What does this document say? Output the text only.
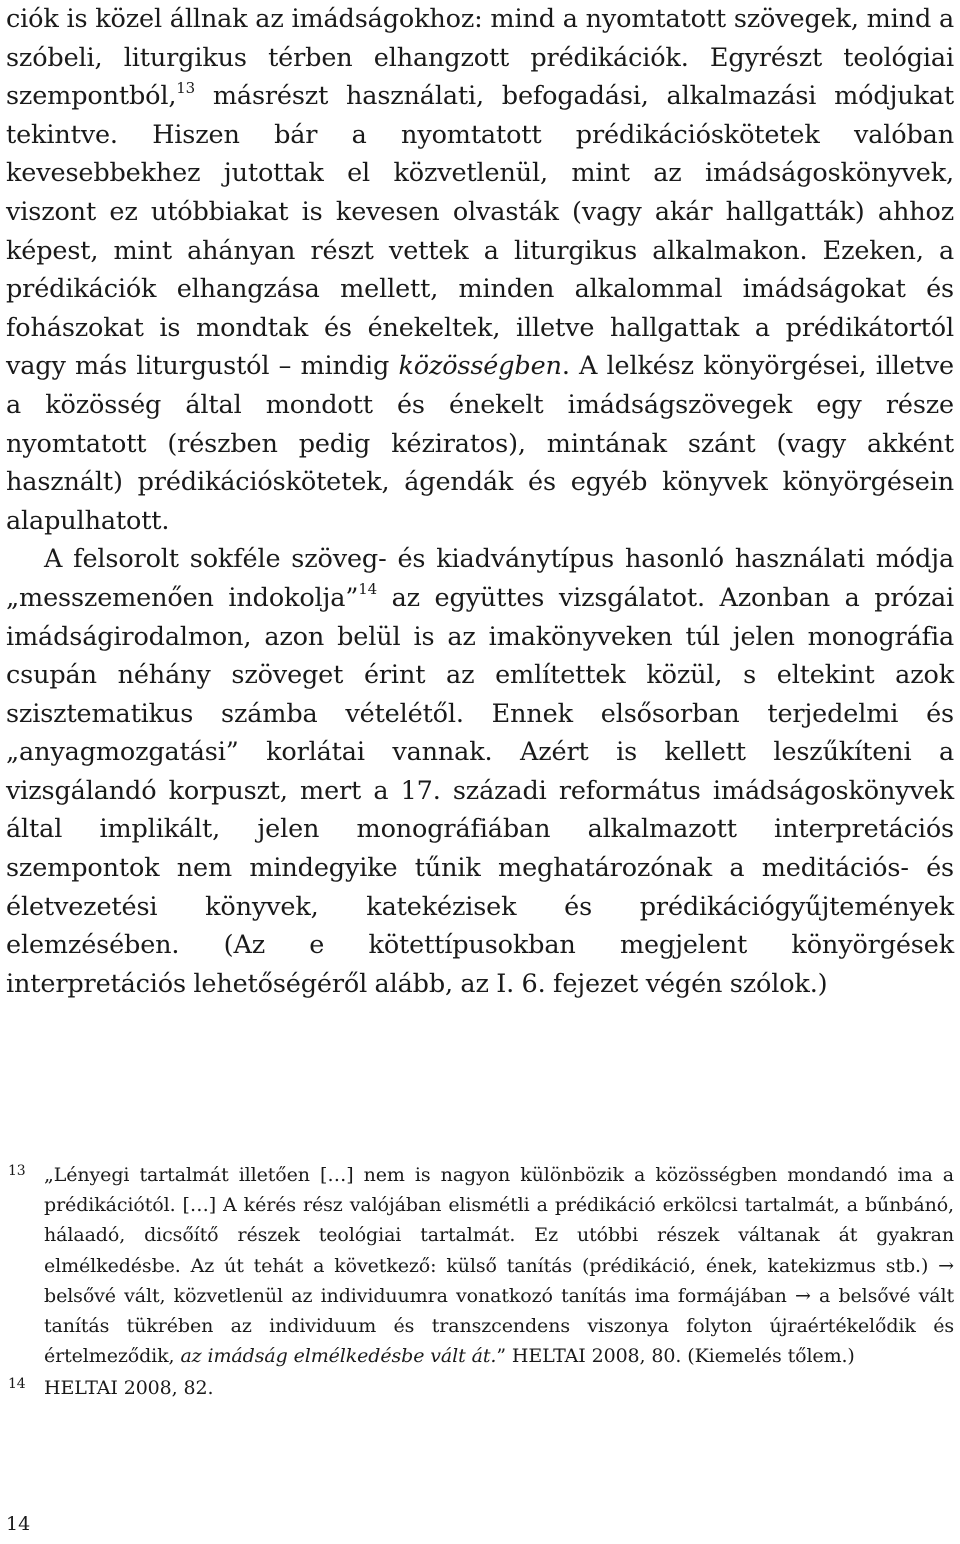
ciók is közel állnak az imádságokhoz: mind a nyomtatott szövegek, mind a szóbeli, liturgikus térben elhangzott prédikációk. Egyrészt teológiai szempontból,$^{13}$ másrészt használati, befogadási, alkalmazási módjukat tekintve. Hiszen bár a nyomtatott prédikációskötetek valóban kevesebbekhez jutottak el közvetlenül, mint az imádságoskönyvek, viszont ez utóbbiakat is kevesen olvasták (vagy akár hallgatták) ahhoz képest, mint ahányan részt vettek a liturgikus alkalmakon. Ezeken, a prédikációk elhangzása mellett, minden alkalommal imádságokat és fohászokat is mondtak és énekeltek, illetve hallgattak a prédikátortól vagy más liturgustól – mindig közösségben. A lelkész könyörgései, illetve a közösség által mondott és énekelt imádságszövegek egy része nyomtatott (részben pedig kéziratos), mintának szánt (vagy akként használt) prédikációskötetek, ágendák és egyéb könyvek könyörgésein alapulhatott.

A felsorolt sokféle szöveg- és kiadványtípus hasonló használati módja „messzemenően indokolja”$^{14}$ az együttes vizsgálatot. Azonban a prózai imádságirodalmon, azon belül is az imakönyveken túl jelen monográfia csupán néhány szöveget érint az említettek közül, s eltekint azok szisztematikus számba vételétől. Ennek elsősorban terjedelmi és „anyagmozgatási” korlátai vannak. Azért is kellett leszűkíteni a vizsgálandó korpuszt, mert a 17. századi református imádságoskönyvek által implikált, jelen monográfiában alkalmazott interpretációs szempontok nem mindegyike tűnik meghatározónak a meditációs- és életvezetési könyvek, katekézisek és prédikációgyűjtemények elemzésében. (Az e kötettípusokban megjelent könyörgések interpretációs lehetőségéről alább, az I. 6. fejezet végén szólok.)

13 „Lényegi tartalmát illetően […] nem is nagyon különbözik a közösségben mondandó ima a prédikációtól. […] A kérés rész valójában elismétli a prédikáció erkölcsi tartalmát, a bűnbánó, hálaadó, dicsőítő részek teológiai tartalmát. Ez utóbbi részek váltanak át gyakran elmélkedésbe. Az út tehát a következő: külső tanítás (prédikáció, ének, katekizmus stb.) → belsővé vált, közvetlenül az individuumra vonatkozó tanítás ima formájában → a belsővé vált tanítás tükrében az individuum és transzcendens viszonya folyton újraértékelődik és értelmeződik, az imádság elmélkedésbe vált át.” HELTAI 2008, 80. (Kiemelés tőlem.)

14 HELTAI 2008, 82.

14
